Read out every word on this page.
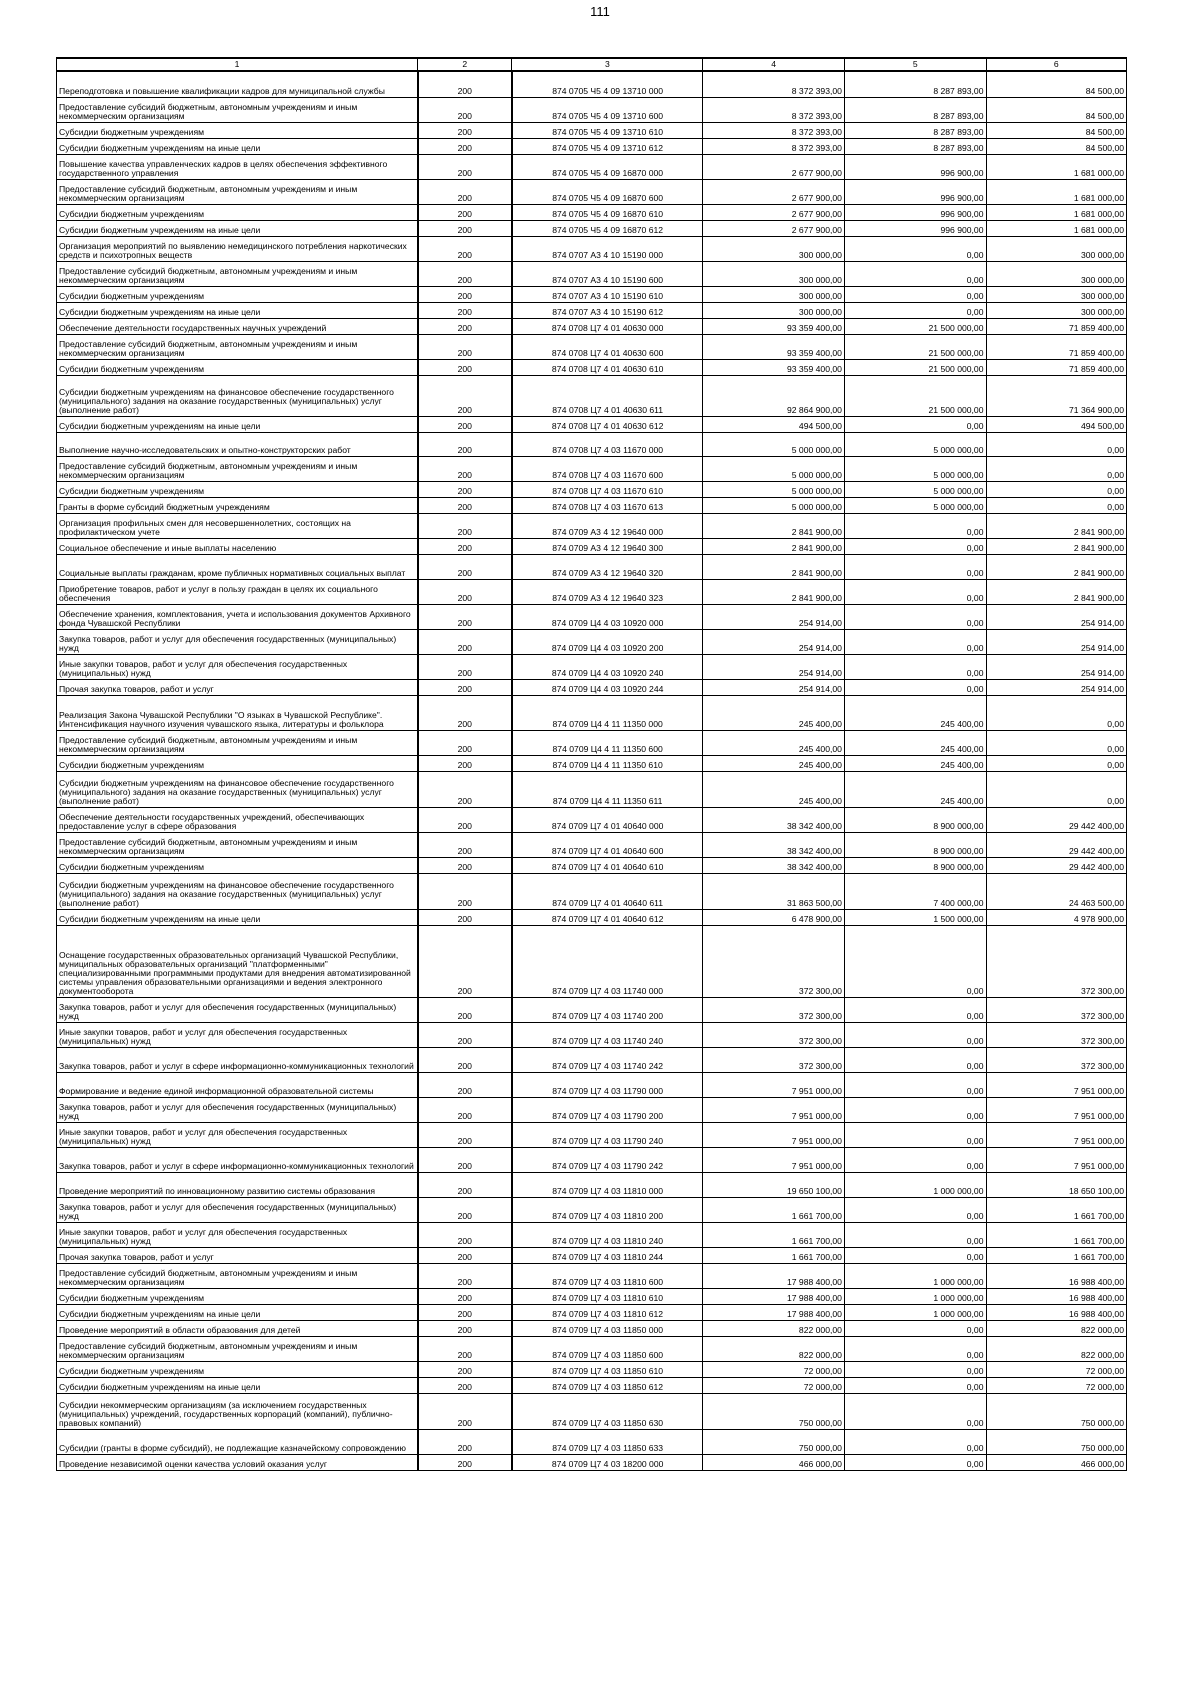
111
1	2	3	4	5	6
Переподготовка и повышение квалификации кадров для муниципальной службы	200	874 0705 Ч5 4 09 13710 000	8 372 393,00	8 287 893,00	84 500,00
Предоставление субсидий бюджетным, автономным учреждениям и иным некоммерческим организациям	200	874 0705 Ч5 4 09 13710 600	8 372 393,00	8 287 893,00	84 500,00
Субсидии бюджетным учреждениям	200	874 0705 Ч5 4 09 13710 610	8 372 393,00	8 287 893,00	84 500,00
Субсидии бюджетным учреждениям на иные цели	200	874 0705 Ч5 4 09 13710 612	8 372 393,00	8 287 893,00	84 500,00
Повышение качества управленческих кадров в целях обеспечения эффективного государственного управления	200	874 0705 Ч5 4 09 16870 000	2 677 900,00	996 900,00	1 681 000,00
Предоставление субсидий бюджетным, автономным учреждениям и иным некоммерческим организациям	200	874 0705 Ч5 4 09 16870 600	2 677 900,00	996 900,00	1 681 000,00
Субсидии бюджетным учреждениям	200	874 0705 Ч5 4 09 16870 610	2 677 900,00	996 900,00	1 681 000,00
Субсидии бюджетным учреждениям на иные цели	200	874 0705 Ч5 4 09 16870 612	2 677 900,00	996 900,00	1 681 000,00
Организация мероприятий по выявлению немедицинского потребления наркотических средств и психотропных веществ	200	874 0707 А3 4 10 15190 000	300 000,00	0,00	300 000,00
Предоставление субсидий бюджетным, автономным учреждениям и иным некоммерческим организациям	200	874 0707 А3 4 10 15190 600	300 000,00	0,00	300 000,00
Субсидии бюджетным учреждениям	200	874 0707 А3 4 10 15190 610	300 000,00	0,00	300 000,00
Субсидии бюджетным учреждениям на иные цели	200	874 0707 А3 4 10 15190 612	300 000,00	0,00	300 000,00
Обеспечение деятельности государственных научных учреждений	200	874 0708 Ц7 4 01 40630 000	93 359 400,00	21 500 000,00	71 859 400,00
Предоставление субсидий бюджетным, автономным учреждениям и иным некоммерческим организациям	200	874 0708 Ц7 4 01 40630 600	93 359 400,00	21 500 000,00	71 859 400,00
Субсидии бюджетным учреждениям	200	874 0708 Ц7 4 01 40630 610	93 359 400,00	21 500 000,00	71 859 400,00
Субсидии бюджетным учреждениям на финансовое обеспечение государственного (муниципального) задания на оказание государственных (муниципальных) услуг (выполнение работ)	200	874 0708 Ц7 4 01 40630 611	92 864 900,00	21 500 000,00	71 364 900,00
Субсидии бюджетным учреждениям на иные цели	200	874 0708 Ц7 4 01 40630 612	494 500,00	0,00	494 500,00
Выполнение научно-исследовательских и опытно-конструкторских работ	200	874 0708 Ц7 4 03 11670 000	5 000 000,00	5 000 000,00	0,00
Предоставление субсидий бюджетным, автономным учреждениям и иным некоммерческим организациям	200	874 0708 Ц7 4 03 11670 600	5 000 000,00	5 000 000,00	0,00
Субсидии бюджетным учреждениям	200	874 0708 Ц7 4 03 11670 610	5 000 000,00	5 000 000,00	0,00
Гранты в форме субсидий бюджетным учреждениям	200	874 0708 Ц7 4 03 11670 613	5 000 000,00	5 000 000,00	0,00
Организация профильных смен для несовершеннолетних, состоящих на профилактическом учете	200	874 0709 А3 4 12 19640 000	2 841 900,00	0,00	2 841 900,00
Социальное обеспечение и иные выплаты населению	200	874 0709 А3 4 12 19640 300	2 841 900,00	0,00	2 841 900,00
Социальные выплаты гражданам, кроме публичных нормативных социальных выплат	200	874 0709 А3 4 12 19640 320	2 841 900,00	0,00	2 841 900,00
Приобретение товаров, работ и услуг в пользу граждан в целях их социального обеспечения	200	874 0709 А3 4 12 19640 323	2 841 900,00	0,00	2 841 900,00
Обеспечение хранения, комплектования, учета и использования документов Архивного фонда Чувашской Республики	200	874 0709 Ц4 4 03 10920 000	254 914,00	0,00	254 914,00
Закупка товаров, работ и услуг для обеспечения государственных (муниципальных) нужд	200	874 0709 Ц4 4 03 10920 200	254 914,00	0,00	254 914,00
Иные закупки товаров, работ и услуг для обеспечения государственных (муниципальных) нужд	200	874 0709 Ц4 4 03 10920 240	254 914,00	0,00	254 914,00
Прочая закупка товаров, работ и услуг	200	874 0709 Ц4 4 03 10920 244	254 914,00	0,00	254 914,00
Реализация Закона Чувашской Республики "О языках в Чувашской Республике". Интенсификация научного изучения чувашского языка, литературы и фольклора	200	874 0709 Ц4 4 11 11350 000	245 400,00	245 400,00	0,00
Предоставление субсидий бюджетным, автономным учреждениям и иным некоммерческим организациям	200	874 0709 Ц4 4 11 11350 600	245 400,00	245 400,00	0,00
Субсидии бюджетным учреждениям	200	874 0709 Ц4 4 11 11350 610	245 400,00	245 400,00	0,00
Субсидии бюджетным учреждениям на финансовое обеспечение государственного (муниципального) задания на оказание государственных (муниципальных) услуг (выполнение работ)	200	874 0709 Ц4 4 11 11350 611	245 400,00	245 400,00	0,00
Обеспечение деятельности государственных учреждений, обеспечивающих предоставление услуг в сфере образования	200	874 0709 Ц7 4 01 40640 000	38 342 400,00	8 900 000,00	29 442 400,00
Предоставление субсидий бюджетным, автономным учреждениям и иным некоммерческим организациям	200	874 0709 Ц7 4 01 40640 600	38 342 400,00	8 900 000,00	29 442 400,00
Субсидии бюджетным учреждениям	200	874 0709 Ц7 4 01 40640 610	38 342 400,00	8 900 000,00	29 442 400,00
Субсидии бюджетным учреждениям на финансовое обеспечение государственного (муниципального) задания на оказание государственных (муниципальных) услуг (выполнение работ)	200	874 0709 Ц7 4 01 40640 611	31 863 500,00	7 400 000,00	24 463 500,00
Субсидии бюджетным учреждениям на иные цели	200	874 0709 Ц7 4 01 40640 612	6 478 900,00	1 500 000,00	4 978 900,00
Оснащение государственных образовательных организаций Чувашской Республики, муниципальных образовательных организаций "платформенными" специализированными программными продуктами для внедрения автоматизированной системы управления образовательными организациями и ведения электронного документооборота	200	874 0709 Ц7 4 03 11740 000	372 300,00	0,00	372 300,00
Закупка товаров, работ и услуг для обеспечения государственных (муниципальных) нужд	200	874 0709 Ц7 4 03 11740 200	372 300,00	0,00	372 300,00
Иные закупки товаров, работ и услуг для обеспечения государственных (муниципальных) нужд	200	874 0709 Ц7 4 03 11740 240	372 300,00	0,00	372 300,00
Закупка товаров, работ и услуг в сфере информационно-коммуникационных технологий	200	874 0709 Ц7 4 03 11740 242	372 300,00	0,00	372 300,00
Формирование и ведение единой информационной образовательной системы	200	874 0709 Ц7 4 03 11790 000	7 951 000,00	0,00	7 951 000,00
Закупка товаров, работ и услуг для обеспечения государственных (муниципальных) нужд	200	874 0709 Ц7 4 03 11790 200	7 951 000,00	0,00	7 951 000,00
Иные закупки товаров, работ и услуг для обеспечения государственных (муниципальных) нужд	200	874 0709 Ц7 4 03 11790 240	7 951 000,00	0,00	7 951 000,00
Закупка товаров, работ и услуг в сфере информационно-коммуникационных технологий	200	874 0709 Ц7 4 03 11790 242	7 951 000,00	0,00	7 951 000,00
Проведение мероприятий по инновационному развитию системы образования	200	874 0709 Ц7 4 03 11810 000	19 650 100,00	1 000 000,00	18 650 100,00
Закупка товаров, работ и услуг для обеспечения государственных (муниципальных) нужд	200	874 0709 Ц7 4 03 11810 200	1 661 700,00	0,00	1 661 700,00
Иные закупки товаров, работ и услуг для обеспечения государственных (муниципальных) нужд	200	874 0709 Ц7 4 03 11810 240	1 661 700,00	0,00	1 661 700,00
Прочая закупка товаров, работ и услуг	200	874 0709 Ц7 4 03 11810 244	1 661 700,00	0,00	1 661 700,00
Предоставление субсидий бюджетным, автономным учреждениям и иным некоммерческим организациям	200	874 0709 Ц7 4 03 11810 600	17 988 400,00	1 000 000,00	16 988 400,00
Субсидии бюджетным учреждениям	200	874 0709 Ц7 4 03 11810 610	17 988 400,00	1 000 000,00	16 988 400,00
Субсидии бюджетным учреждениям на иные цели	200	874 0709 Ц7 4 03 11810 612	17 988 400,00	1 000 000,00	16 988 400,00
Проведение мероприятий в области образования для детей	200	874 0709 Ц7 4 03 11850 000	822 000,00	0,00	822 000,00
Предоставление субсидий бюджетным, автономным учреждениям и иным некоммерческим организациям	200	874 0709 Ц7 4 03 11850 600	822 000,00	0,00	822 000,00
Субсидии бюджетным учреждениям	200	874 0709 Ц7 4 03 11850 610	72 000,00	0,00	72 000,00
Субсидии бюджетным учреждениям на иные цели	200	874 0709 Ц7 4 03 11850 612	72 000,00	0,00	72 000,00
Субсидии некоммерческим организациям (за исключением государственных (муниципальных) учреждений, государственных корпораций (компаний), публично-правовых компаний)	200	874 0709 Ц7 4 03 11850 630	750 000,00	0,00	750 000,00
Субсидии (гранты в форме субсидий), не подлежащие казначейскому сопровождению	200	874 0709 Ц7 4 03 11850 633	750 000,00	0,00	750 000,00
Проведение независимой оценки качества условий оказания услуг	200	874 0709 Ц7 4 03 18200 000	466 000,00	0,00	466 000,00
